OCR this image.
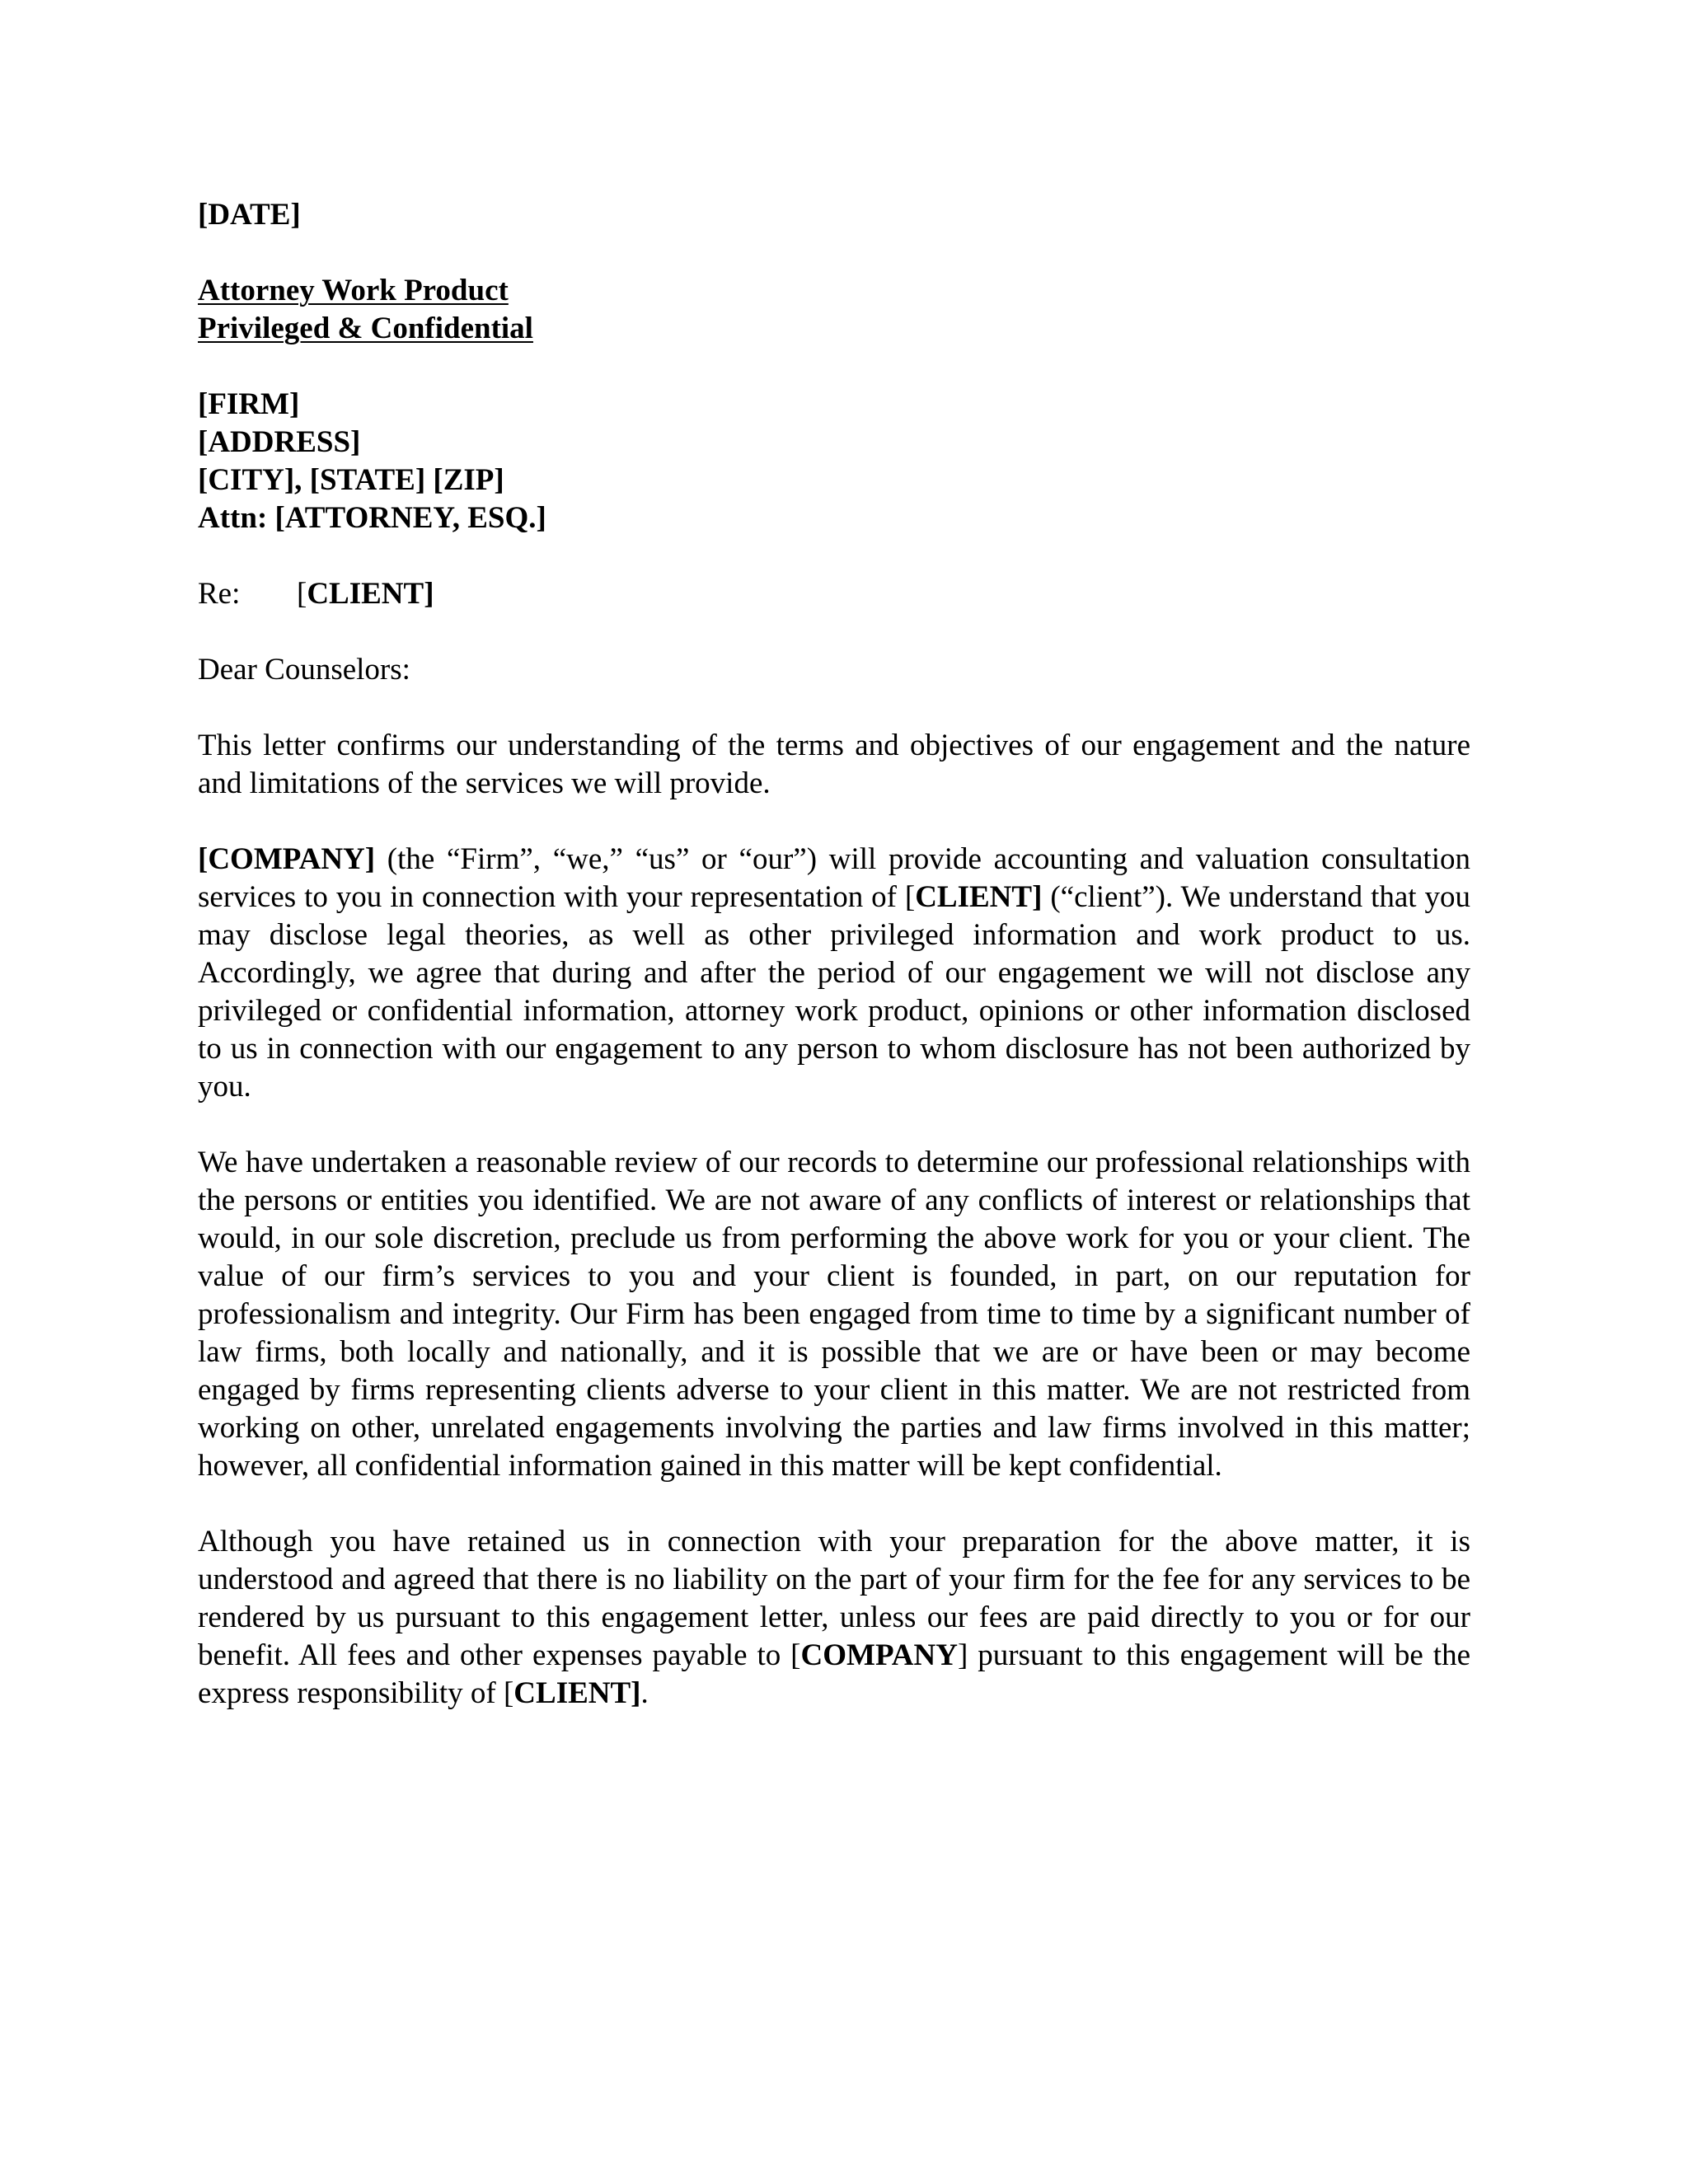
[DATE]

Attorney Work Product
Privileged & Confidential

[FIRM]
[ADDRESS]
[CITY], [STATE] [ZIP]
Attn: [ATTORNEY, ESQ.]

Re: [CLIENT]

Dear Counselors:

This letter confirms our understanding of the terms and objectives of our engagement and the nature and limitations of the services we will provide.

[COMPANY] (the “Firm”, “we,” “us” or “our”) will provide accounting and valuation consultation services to you in connection with your representation of [CLIENT] (“client”). We understand that you may disclose legal theories, as well as other privileged information and work product to us. Accordingly, we agree that during and after the period of our engagement we will not disclose any privileged or confidential information, attorney work product, opinions or other information disclosed to us in connection with our engagement to any person to whom disclosure has not been authorized by you.

We have undertaken a reasonable review of our records to determine our professional relationships with the persons or entities you identified. We are not aware of any conflicts of interest or relationships that would, in our sole discretion, preclude us from performing the above work for you or your client. The value of our firm’s services to you and your client is founded, in part, on our reputation for professionalism and integrity. Our Firm has been engaged from time to time by a significant number of law firms, both locally and nationally, and it is possible that we are or have been or may become engaged by firms representing clients adverse to your client in this matter. We are not restricted from working on other, unrelated engagements involving the parties and law firms involved in this matter; however, all confidential information gained in this matter will be kept confidential.

Although you have retained us in connection with your preparation for the above matter, it is understood and agreed that there is no liability on the part of your firm for the fee for any services to be rendered by us pursuant to this engagement letter, unless our fees are paid directly to you or for our benefit. All fees and other expenses payable to [COMPANY] pursuant to this engagement will be the express responsibility of [CLIENT].
